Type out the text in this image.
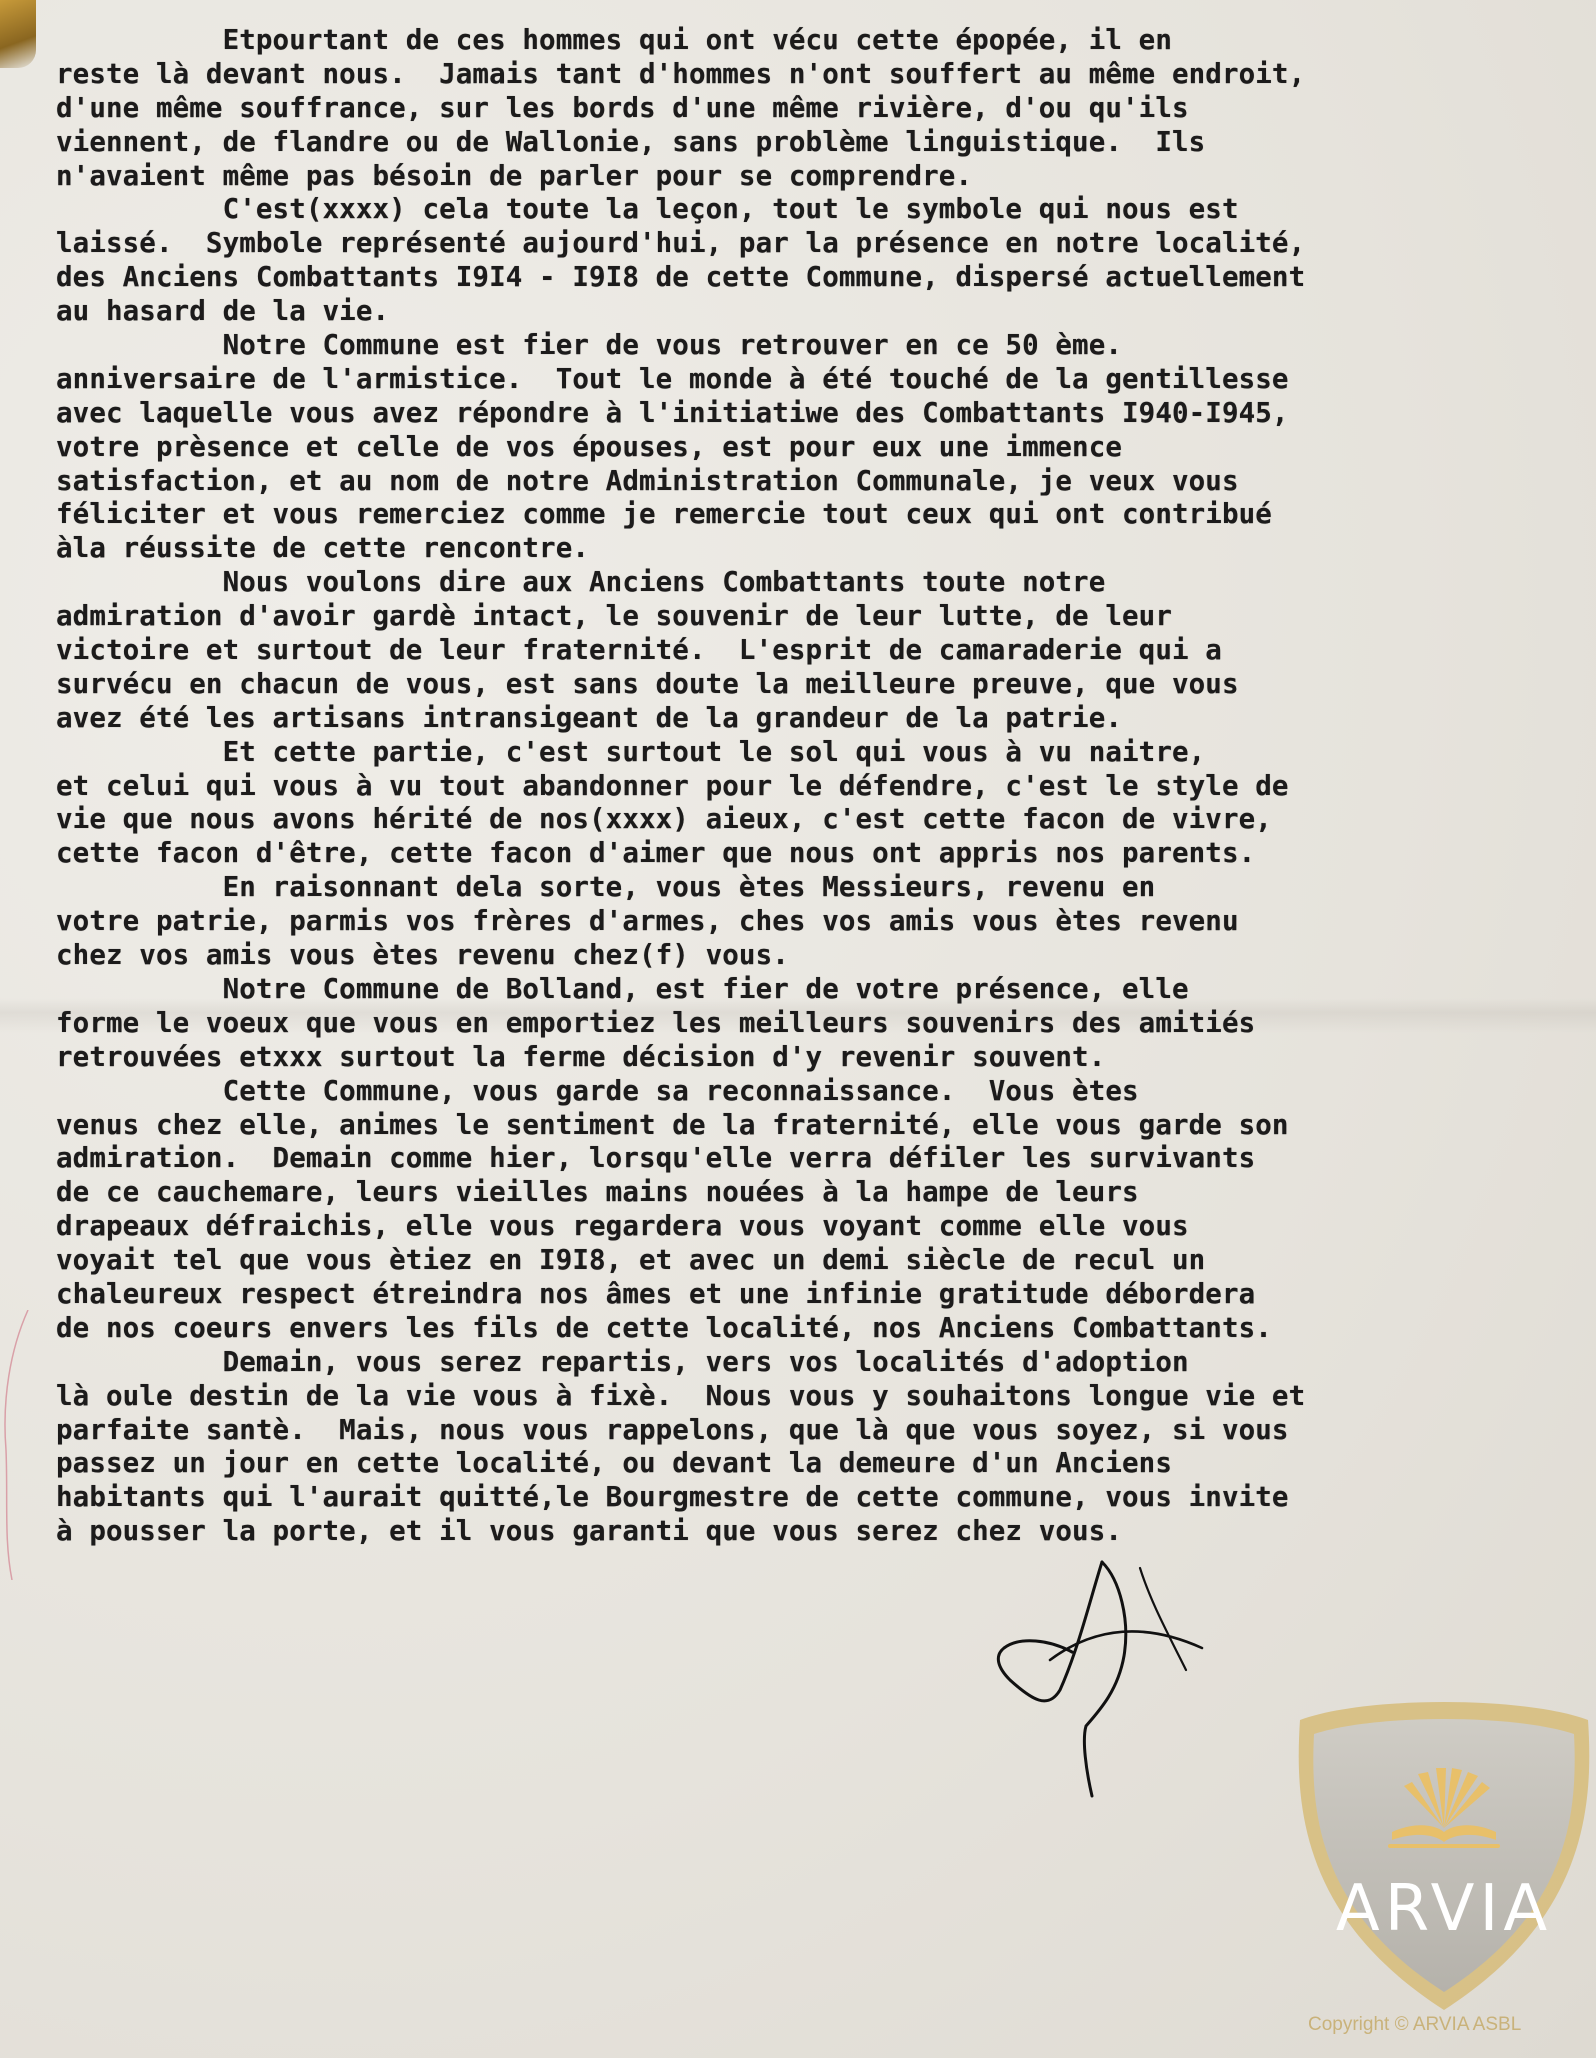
Etpourtant de ces hommes qui ont vécu cette épopée, il en
reste là devant nous.  Jamais tant d'hommes n'ont souffert au même endroit,
d'une même souffrance, sur les bords d'une même rivière, d'ou qu'ils
viennent, de flandre ou de Wallonie, sans problème linguistique.  Ils
n'avaient même pas bésoin de parler pour se comprendre.
C'est(xxxx) cela toute la leçon, tout le symbole qui nous est
laissé.  Symbole représenté aujourd'hui, par la présence en notre localité,
des Anciens Combattants I9I4 - I9I8 de cette Commune, dispersé actuellement
au hasard de la vie.
Notre Commune est fier de vous retrouver en ce 50 ème.
anniversaire de l'armistice.  Tout le monde à été touché de la gentillesse
avec laquelle vous avez répondre à l'initiatiwe des Combattants I940-I945,
votre prèsence et celle de vos épouses, est pour eux une immence
satisfaction, et au nom de notre Administration Communale, je veux vous
féliciter et vous remerciez comme je remercie tout ceux qui ont contribué
àla réussite de cette rencontre.
Nous voulons dire aux Anciens Combattants toute notre
admiration d'avoir gardè intact, le souvenir de leur lutte, de leur
victoire et surtout de leur fraternité.  L'esprit de camaraderie qui a
survécu en chacun de vous, est sans doute la meilleure preuve, que vous
avez été les artisans intransigeant de la grandeur de la patrie.
Et cette partie, c'est surtout le sol qui vous à vu naitre,
et celui qui vous à vu tout abandonner pour le défendre, c'est le style de
vie que nous avons hérité de nos(xxxx) aieux, c'est cette facon de vivre,
cette facon d'être, cette facon d'aimer que nous ont appris nos parents.
En raisonnant dela sorte, vous ètes Messieurs, revenu en
votre patrie, parmis vos frères d'armes, ches vos amis vous ètes revenu
chez vos amis vous ètes revenu chez(f) vous.
Notre Commune de Bolland, est fier de votre présence, elle
forme le voeux que vous en emportiez les meilleurs souvenirs des amitiés
retrouvées etxxx surtout la ferme décision d'y revenir souvent.
Cette Commune, vous garde sa reconnaissance.  Vous ètes
venus chez elle, animes le sentiment de la fraternité, elle vous garde son
admiration.  Demain comme hier, lorsqu'elle verra défiler les survivants
de ce cauchemare, leurs vieilles mains nouées à la hampe de leurs
drapeaux défraichis, elle vous regardera vous voyant comme elle vous
voyait tel que vous ètiez en I9I8, et avec un demi siècle de recul un
chaleureux respect étreindra nos âmes et une infinie gratitude débordera
de nos coeurs envers les fils de cette localité, nos Anciens Combattants.
Demain, vous serez repartis, vers vos localités d'adoption
là oule destin de la vie vous à fixè.  Nous vous y souhaitons longue vie et
parfaite santè.  Mais, nous vous rappelons, que là que vous soyez, si vous
passez un jour en cette localité, ou devant la demeure d'un Anciens
habitants qui l'aurait quitté,le Bourgmestre de cette commune, vous invite
à pousser la porte, et il vous garanti que vous serez chez vous.
ARVIA
Copyright © ARVIA ASBL
